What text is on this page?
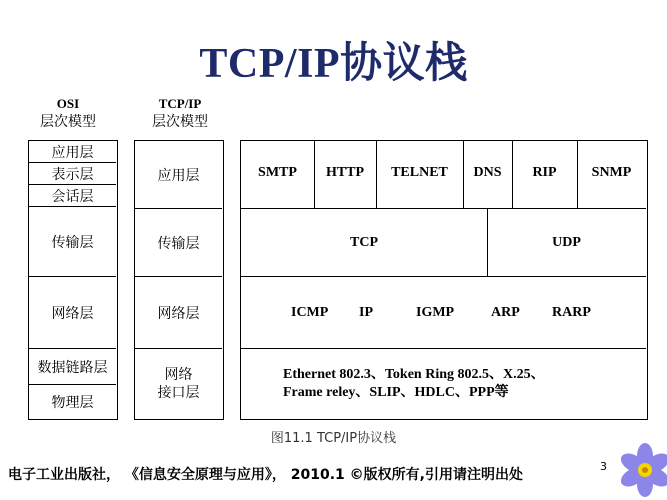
TCP/IP协议栈
OSI
层次模型
TCP/IP
层次模型
应用层
表示层
会话层
传输层
网络层
数据链路层
物理层
应用层
传输层
网络层
网络
接口层
SMTP	HTTP	TELNET	DNS	RIP	SNMP
TCP	UDP
ICMP IP	IGMP	ARP RARP
Ethernet 802.3、Token Ring 802.5、X.25、
Frame reley、SLIP、HDLC、PPP等
图11.1 TCP/IP协议栈
电子工业出版社， 《信息安全原理与应用》， 2010.1 ©版权所有,引用请注明出处
3
